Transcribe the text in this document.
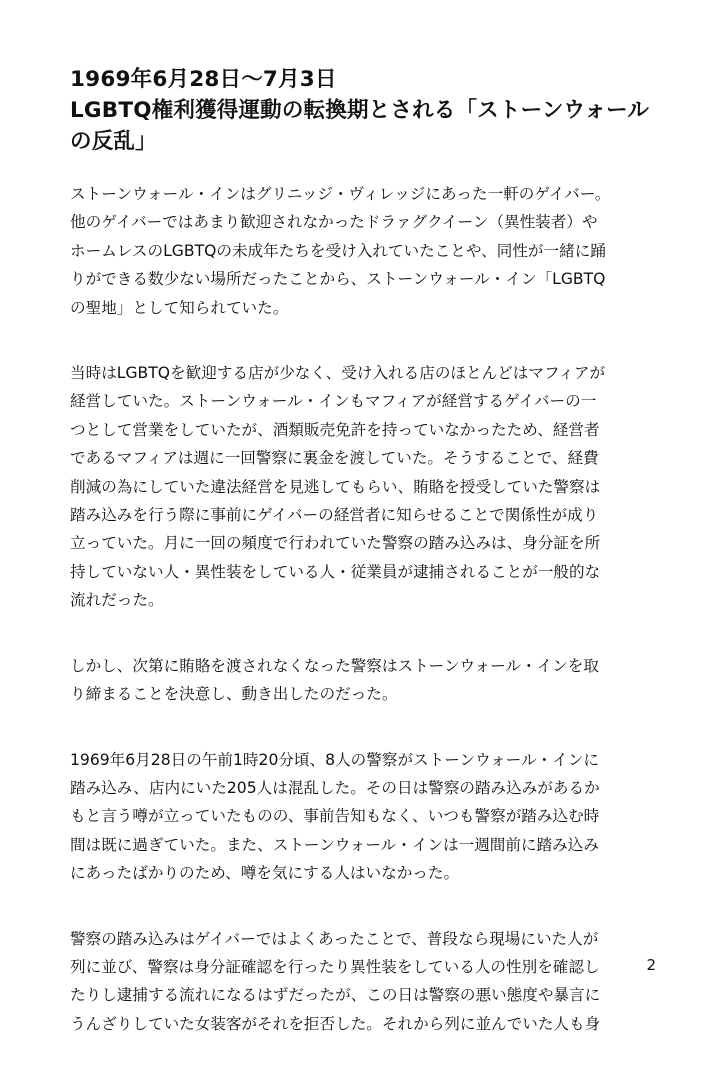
1969年6月28日〜7月3日
LGBTQ権利獲得運動の転換期とされる「ストーンウォール
の反乱」

ストーンウォール・インはグリニッジ・ヴィレッジにあった一軒のゲイバー。
他のゲイバーではあまり歓迎されなかったドラァグクイーン（異性装者）や
ホームレスのLGBTQの未成年たちを受け入れていたことや、同性が一緒に踊
りができる数少ない場所だったことから、ストーンウォール・イン「LGBTQ
の聖地」として知られていた。

当時はLGBTQを歓迎する店が少なく、受け入れる店のほとんどはマフィアが
経営していた。ストーンウォール・インもマフィアが経営するゲイバーの一
つとして営業をしていたが、酒類販売免許を持っていなかったため、経営者
であるマフィアは週に一回警察に裏金を渡していた。そうすることで、経費
削減の為にしていた違法経営を見逃してもらい、賄賂を授受していた警察は
踏み込みを行う際に事前にゲイバーの経営者に知らせることで関係性が成り
立っていた。月に一回の頻度で行われていた警察の踏み込みは、身分証を所
持していない人・異性装をしている人・従業員が逮捕されることが一般的な
流れだった。

しかし、次第に賄賂を渡されなくなった警察はストーンウォール・インを取
り締まることを決意し、動き出したのだった。

1969年6月28日の午前1時20分頃、8人の警察がストーンウォール・インに
踏み込み、店内にいた205人は混乱した。その日は警察の踏み込みがあるか
もと言う噂が立っていたものの、事前告知もなく、いつも警察が踏み込む時
間は既に過ぎていた。また、ストーンウォール・インは一週間前に踏み込み
にあったばかりのため、噂を気にする人はいなかった。

警察の踏み込みはゲイバーではよくあったことで、普段なら現場にいた人が
列に並び、警察は身分証確認を行ったり異性装をしている人の性別を確認し
たりし逮捕する流れになるはずだったが、この日は警察の悪い態度や暴言に
うんざりしていた女装客がそれを拒否した。それから列に並んでいた人も身

2
